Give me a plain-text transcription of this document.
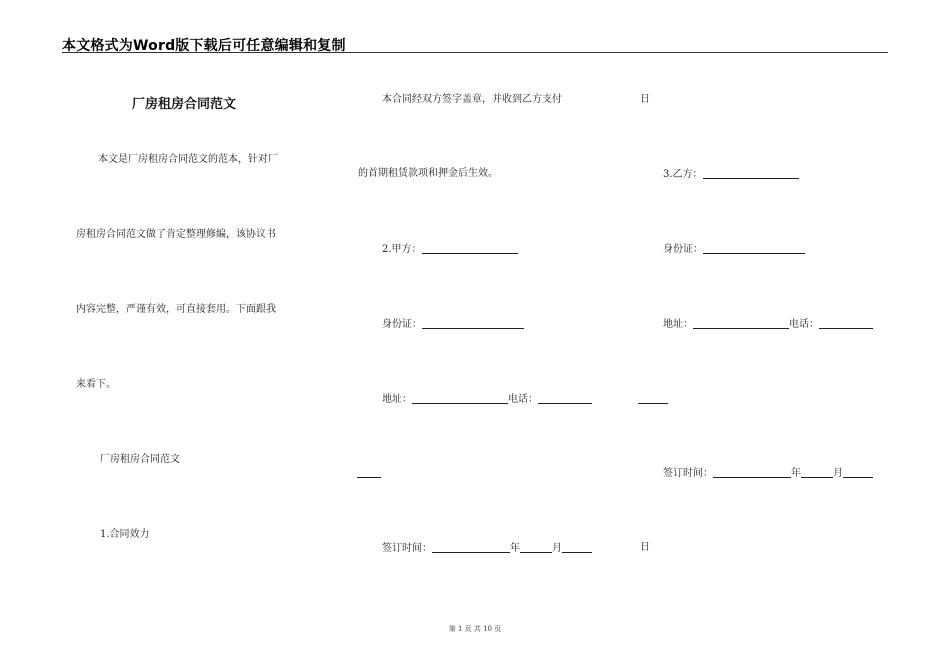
本文格式为Word版下载后可任意编辑和复制
厂房租房合同范文
本文是厂房租房合同范文的范本，针对厂
房租房合同范文做了肯定整理修编，该协议书
内容完整，严谨有效，可直接套用。下面跟我
来看下。
厂房租房合同范文
1.合同效力
本合同经双方签字盖章，并收到乙方支付
的首期租赁款项和押金后生效。
2.甲方：
身份证：
地址：	电话：
签订时间：	年	月	日
日
3.乙方：
身份证：
地址：	电话：
签订时间：	年	月
第 1 页 共 10 页
